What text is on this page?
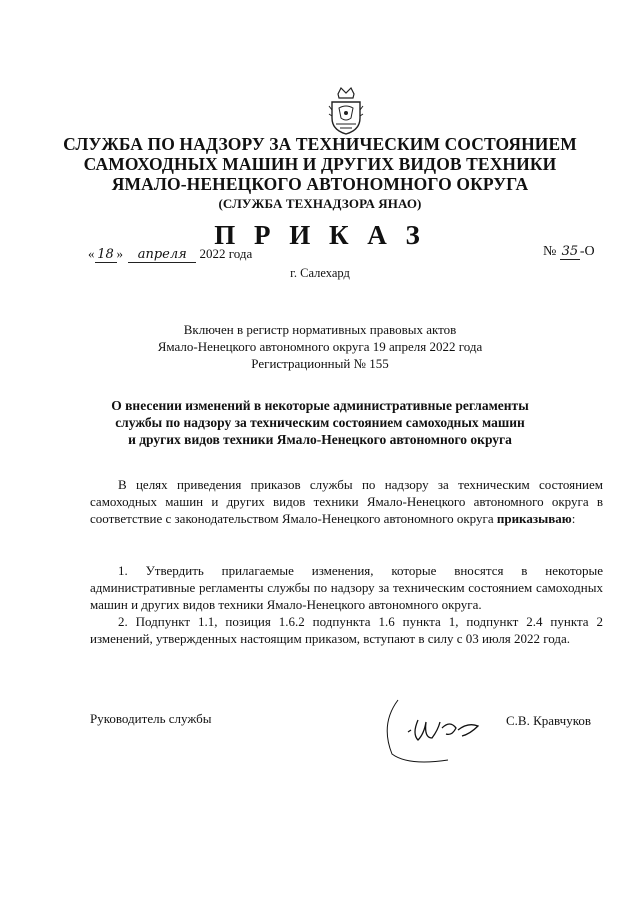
СЛУЖБА ПО НАДЗОРУ ЗА ТЕХНИЧЕСКИМ СОСТОЯНИЕМ
САМОХОДНЫХ МАШИН И ДРУГИХ ВИДОВ ТЕХНИКИ
ЯМАЛО-НЕНЕЦКОГО АВТОНОМНОГО ОКРУГА
(СЛУЖБА ТЕХНАДЗОРА ЯНАО)
П Р И К А З
« 18 » апреля 2022 года	№ 35 -О
г. Салехард
Включен в регистр нормативных правовых актов
Ямало-Ненецкого автономного округа 19 апреля 2022 года
Регистрационный № 155
О внесении изменений в некоторые административные регламенты
службы по надзору за техническим состоянием самоходных машин
и других видов техники Ямало-Ненецкого автономного округа
В целях приведения приказов службы по надзору за техническим состоянием самоходных машин и других видов техники Ямало-Ненецкого автономного округа в соответствие с законодательством Ямало-Ненецкого автономного округа приказываю:
1. Утвердить прилагаемые изменения, которые вносятся в некоторые административные регламенты службы по надзору за техническим состоянием самоходных машин и других видов техники Ямало-Ненецкого автономного округа.
2. Подпункт 1.1, позиция 1.6.2 подпункта 1.6 пункта 1, подпункт 2.4 пункта 2 изменений, утвержденных настоящим приказом, вступают в силу с 03 июля 2022 года.
Руководитель службы	С.В. Кравчуков
